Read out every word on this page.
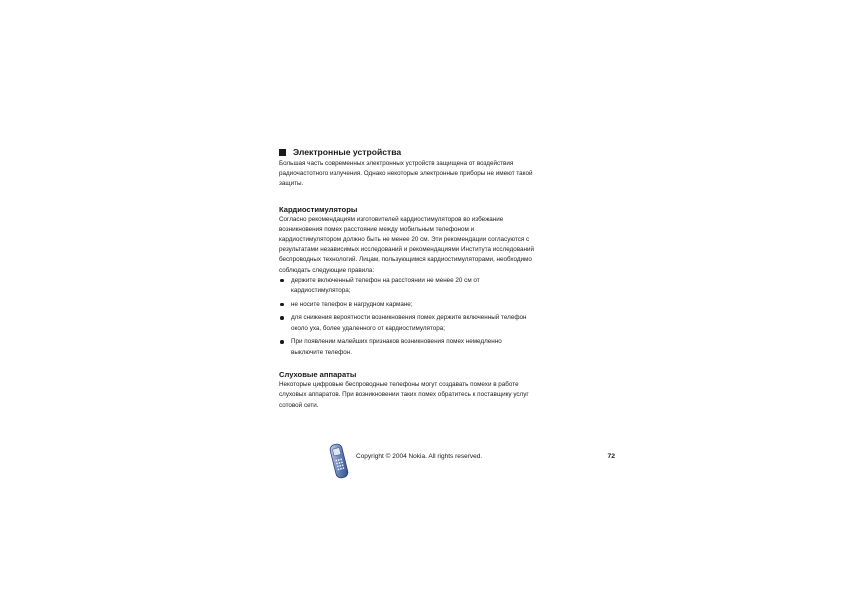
Электронные устройства

Большая часть современных электронных устройств защищена от воздействия
радиочастотного излучения. Однако некоторые электронные приборы не имеют такой
защиты.

Кардиостимуляторы

Согласно рекомендациям изготовителей кардиостимуляторов во избежание
возникновения помех расстояние между мобильным телефоном и
кардиостимулятором должно быть не менее 20 см. Эти рекомендации согласуются с
результатами независимых исследований и рекомендациями Института исследований
беспроводных технологий. Лицам, пользующимся кардиостимуляторами, необходимо
соблюдать следующие правила:

держите включенный телефон на расстоянии не менее 20 см от
кардиостимулятора;
не носите телефон в нагрудном кармане;
для снижения вероятности возникновения помех держите включенный телефон
около уха, более удаленного от кардиостимулятора;
При появлении малейших признаков возникновения помех немедленно
выключите телефон.
Слуховые аппараты

Некоторые цифровые беспроводные телефоны могут создавать помехи в работе
слуховых аппаратов. При возникновении таких помех обратитесь к поставщику услуг
сотовой сети.

Copyright © 2004 Nokia. All rights reserved.	72
